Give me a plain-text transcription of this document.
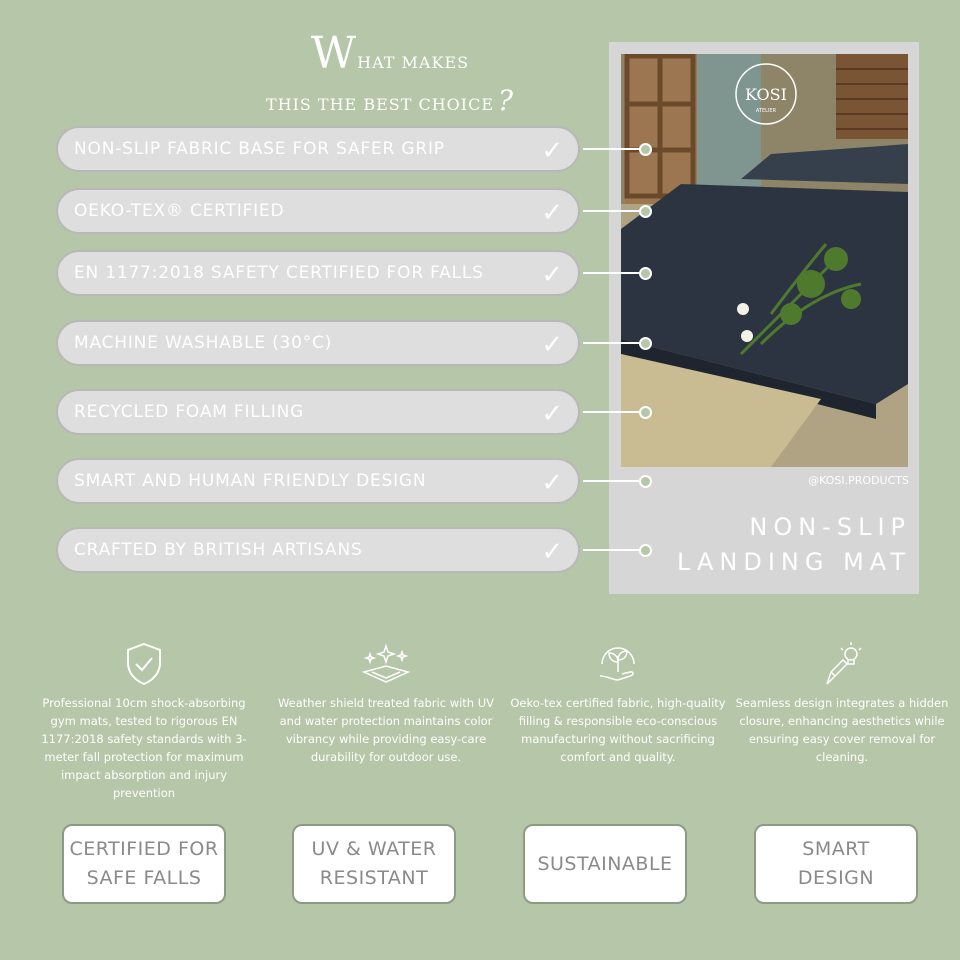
WHAT MAKES
THIS THE BEST CHOICE ?
NON-SLIP FABRIC BASE FOR SAFER GRIP	✓
OEKO-TEX® CERTIFIED	✓
EN 1177:2018 SAFETY CERTIFIED FOR FALLS ✓
MACHINE WASHABLE (30°C)	✓
RECYCLED FOAM FILLING	✓
SMART AND HUMAN FRIENDLY DESIGN	✓
CRAFTED BY BRITISH ARTISANS	✓
KOSI
ATELIER
@KOSI.PRODUCTS
NON-SLIP
LANDING MAT
Professional 10cm shock-absorbing gym mats, tested to rigorous EN 1177:2018 safety standards with 3-meter fall protection for maximum impact absorption and injury prevention
Weather shield treated fabric with UV and water protection maintains color vibrancy while providing easy-care durability for outdoor use.
Oeko-tex certified fabric, high-quality filling & responsible eco-conscious manufacturing without sacrificing comfort and quality.
Seamless design integrates a hidden closure, enhancing aesthetics while ensuring easy cover removal for cleaning.
CERTIFIED FOR
SAFE FALLS
UV & WATER
RESISTANT
SUSTAINABLE
SMART
DESIGN
